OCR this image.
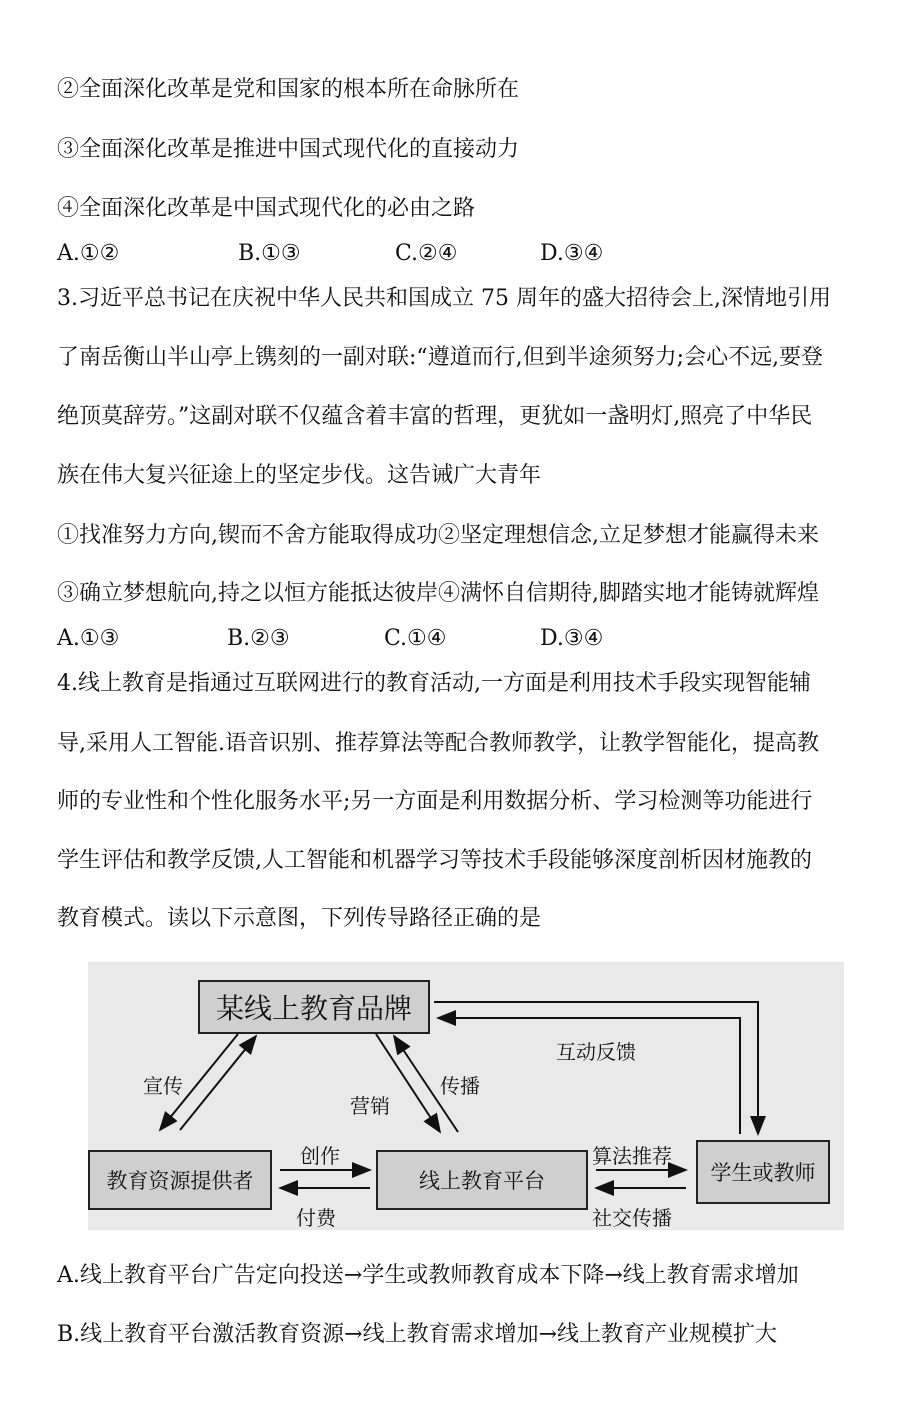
②全面深化改革是党和国家的根本所在命脉所在
③全面深化改革是推进中国式现代化的直接动力
④全面深化改革是中国式现代化的必由之路
A.①②	B.①③	C.②④	D.③④
3.习近平总书记在庆祝中华人民共和国成立 75 周年的盛大招待会上,深情地引用
了南岳衡山半山亭上镌刻的一副对联:“遵道而行,但到半途须努力;会心不远,要登
绝顶莫辞劳。”这副对联不仅蕴含着丰富的哲理，更犹如一盏明灯,照亮了中华民
族在伟大复兴征途上的坚定步伐。这告诫广大青年
①找准努力方向,锲而不舍方能取得成功②坚定理想信念,立足梦想才能赢得未来
③确立梦想航向,持之以恒方能抵达彼岸④满怀自信期待,脚踏实地才能铸就辉煌
A.①③	B.②③	C.①④	D.③④
4.线上教育是指通过互联网进行的教育活动,一方面是利用技术手段实现智能辅
导,采用人工智能.语音识别、推荐算法等配合教师教学，让教学智能化，提高教
师的专业性和个性化服务水平;另一方面是利用数据分析、学习检测等功能进行
学生评估和教学反馈,人工智能和机器学习等技术手段能够深度剖析因材施教的
教育模式。读以下示意图，下列传导路径正确的是
某线上教育品牌
教育资源提供者	线上教育平台	学生或教师
宣传
营销
传播
互动反馈
创作
付费
算法推荐
社交传播
A.线上教育平台广告定向投送→学生或教师教育成本下降→线上教育需求增加
B.线上教育平台激活教育资源→线上教育需求增加→线上教育产业规模扩大
